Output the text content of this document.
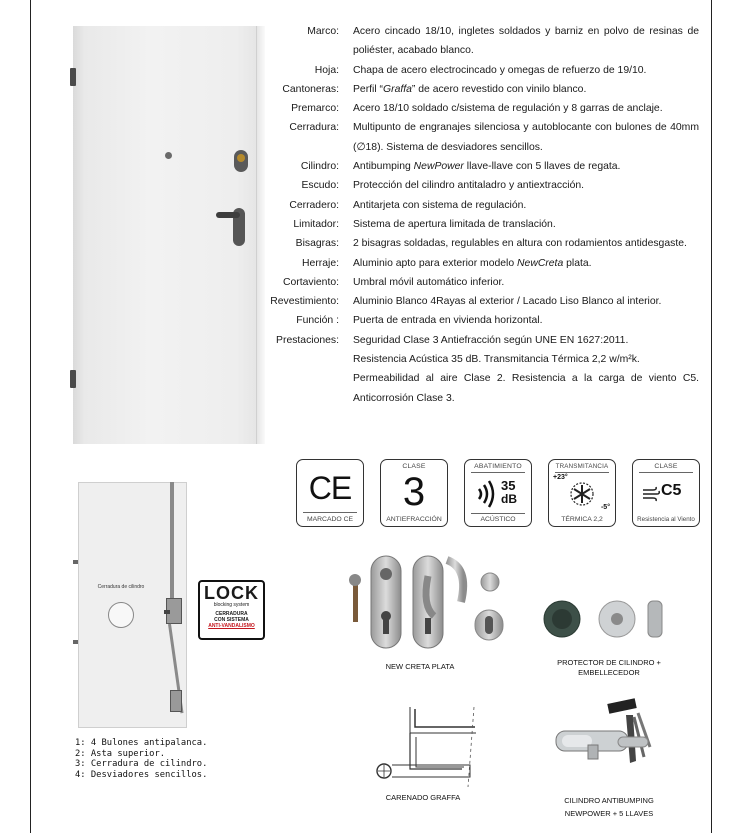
Marco: Acero cincado 18/10, ingletes soldados y barniz en polvo de resinas de poliéster, acabado blanco.
Hoja: Chapa de acero electrocincado y omegas de refuerzo de 19/10.
Cantoneras: Perfil “Graffa” de acero revestido con vinilo blanco.
Premarco: Acero 18/10 soldado c/sistema de regulación y 8 garras de anclaje.
Cerradura: Multipunto de engranajes silenciosa y autoblocante con bulones de 40mm (∅18). Sistema de desviadores sencillos.
Cilindro: Antibumping NewPower llave-llave con 5 llaves de regata.
Escudo: Protección del cilindro antitaladro y antiextracción.
Cerradero: Antitarjeta con sistema de regulación.
Limitador: Sistema de apertura limitada de translación.
Bisagras: 2 bisagras soldadas, regulables en altura con rodamientos antidesgaste.
Herraje: Aluminio apto para exterior modelo NewCreta plata.
Cortaviento: Umbral móvil automático inferior.
Revestimiento: Aluminio Blanco 4Rayas al exterior / Lacado Liso Blanco al interior.
Función : Puerta de entrada en vivienda horizontal.
Prestaciones: Seguridad Clase 3 Antiefracción según UNE EN 1627:2011.
Resistencia Acústica 35 dB. Transmitancia Térmica 2,2 w/m²k.
Permeabilidad al aire Clase 2. Resistencia a la carga de viento C5. Anticorrosión Clase 3.
CE
MARCADO CE
CLASE
3
ANTIEFRACCIÓN
ABATIMIENTO
35
dB
ACÚSTICO
TRANSMITANCIA
+23°
-5°
TÉRMICA 2,2
CLASE
C5
Resistencia al Viento
Cerradura de cilindro
1: 4 Bulones antipalanca.
2: Asta superior.
3: Cerradura de cilindro.
4: Desviadores sencillos.
LOCK
blocking system
CERRADURA
CON SISTEMA
ANTI-VANDALISMO
NEW CRETA PLATA	PROTECTOR DE CILINDRO + EMBELLECEDOR
CARENADO GRAFFA	CILINDRO ANTIBUMPING
NEWPOWER + 5 LLAVES
